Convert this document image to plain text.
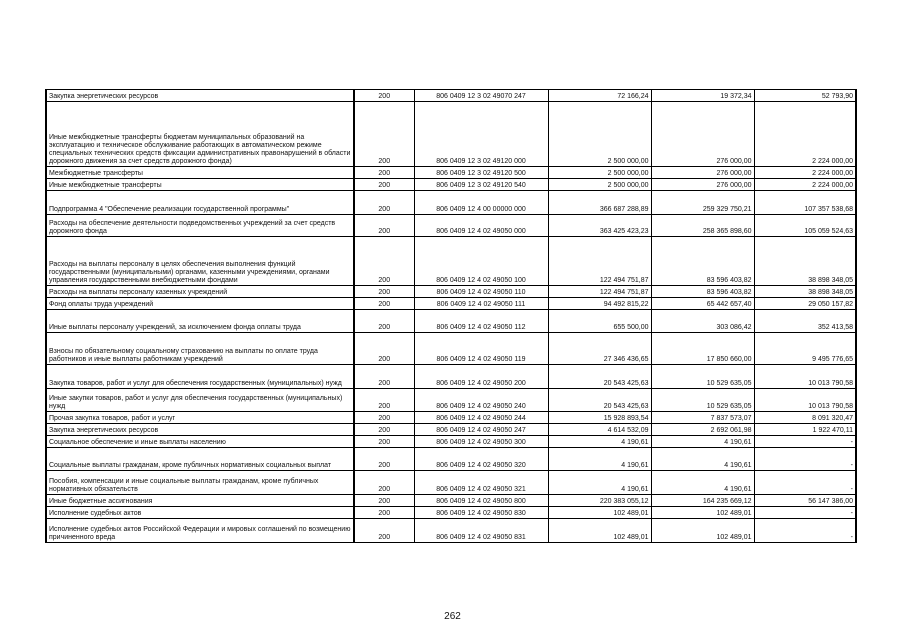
Закупка энергетических ресурсов	200	806 0409 12 3 02 49070 247	72 166,24	19 372,34	52 793,90
Иные межбюджетные трансферты бюджетам муниципальных образований на эксплуатацию и техническое обслуживание работающих в автоматическом режиме специальных технических средств фиксации административных правонарушений в области дорожного движения за счет средств дорожного фонда)	200	806 0409 12 3 02 49120 000	2 500 000,00	276 000,00	2 224 000,00
Межбюджетные трансферты	200	806 0409 12 3 02 49120 500	2 500 000,00	276 000,00	2 224 000,00
Иные межбюджетные трансферты	200	806 0409 12 3 02 49120 540	2 500 000,00	276 000,00	2 224 000,00
Подпрограмма 4 "Обеспечение реализации государственной программы"	200	806 0409 12 4 00 00000 000	366 687 288,89	259 329 750,21	107 357 538,68
Расходы на обеспечение деятельности подведомственных учреждений за счет средств дорожного фонда	200	806 0409 12 4 02 49050 000	363 425 423,23	258 365 898,60	105 059 524,63
Расходы на выплаты персоналу в целях обеспечения выполнения функций государственными (муниципальными) органами, казенными учреждениями, органами управления государственными внебюджетными фондами	200	806 0409 12 4 02 49050 100	122 494 751,87	83 596 403,82	38 898 348,05
Расходы на выплаты персоналу казенных учреждений	200	806 0409 12 4 02 49050 110	122 494 751,87	83 596 403,82	38 898 348,05
Фонд оплаты труда учреждений	200	806 0409 12 4 02 49050 111	94 492 815,22	65 442 657,40	29 050 157,82
Иные выплаты персоналу учреждений, за исключением фонда оплаты труда	200	806 0409 12 4 02 49050 112	655 500,00	303 086,42	352 413,58
Взносы по обязательному социальному страхованию на выплаты по оплате труда работников и иные выплаты работникам учреждений	200	806 0409 12 4 02 49050 119	27 346 436,65	17 850 660,00	9 495 776,65
Закупка товаров, работ и услуг для обеспечения государственных (муниципальных) нужд	200	806 0409 12 4 02 49050 200	20 543 425,63	10 529 635,05	10 013 790,58
Иные закупки товаров, работ и услуг для обеспечения государственных (муниципальных) нужд	200	806 0409 12 4 02 49050 240	20 543 425,63	10 529 635,05	10 013 790,58
Прочая закупка товаров, работ и услуг	200	806 0409 12 4 02 49050 244	15 928 893,54	7 837 573,07	8 091 320,47
Закупка энергетических ресурсов	200	806 0409 12 4 02 49050 247	4 614 532,09	2 692 061,98	1 922 470,11
Социальное обеспечение и иные выплаты населению	200	806 0409 12 4 02 49050 300	4 190,61	4 190,61	-
Социальные выплаты гражданам, кроме публичных нормативных социальных выплат	200	806 0409 12 4 02 49050 320	4 190,61	4 190,61	-
Пособия, компенсации и иные социальные выплаты гражданам, кроме публичных нормативных обязательств	200	806 0409 12 4 02 49050 321	4 190,61	4 190,61	-
Иные бюджетные ассигнования	200	806 0409 12 4 02 49050 800	220 383 055,12	164 235 669,12	56 147 386,00
Исполнение судебных актов	200	806 0409 12 4 02 49050 830	102 489,01	102 489,01	-
Исполнение судебных актов Российской Федерации и мировых соглашений по возмещению причиненного вреда	200	806 0409 12 4 02 49050 831	102 489,01	102 489,01	-
262
